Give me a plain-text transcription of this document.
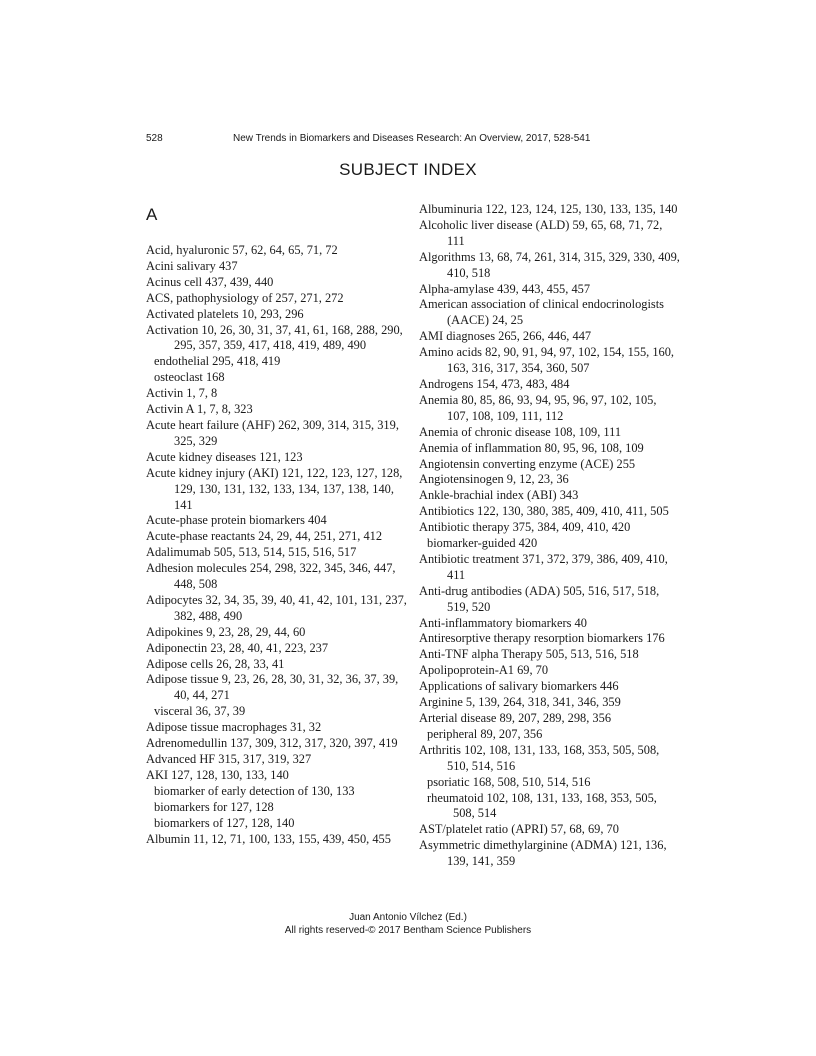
528	New Trends in Biomarkers and Diseases Research: An Overview, 2017, 528-541
SUBJECT INDEX
A

Acid, hyaluronic 57, 62, 64, 65, 71, 72

Acini salivary 437

Acinus cell 437, 439, 440

ACS, pathophysiology of 257, 271, 272

Activated platelets 10, 293, 296

Activation 10, 26, 30, 31, 37, 41, 61, 168, 288, 290, 295, 357, 359, 417, 418, 419, 489, 490

endothelial 295, 418, 419

osteoclast 168

Activin 1, 7, 8

Activin A 1, 7, 8, 323

Acute heart failure (AHF) 262, 309, 314, 315, 319, 325, 329

Acute kidney diseases 121, 123

Acute kidney injury (AKI) 121, 122, 123, 127, 128, 129, 130, 131, 132, 133, 134, 137, 138, 140, 141

Acute-phase protein biomarkers 404

Acute-phase reactants 24, 29, 44, 251, 271, 412

Adalimumab 505, 513, 514, 515, 516, 517

Adhesion molecules 254, 298, 322, 345, 346, 447, 448, 508

Adipocytes 32, 34, 35, 39, 40, 41, 42, 101, 131, 237, 382, 488, 490

Adipokines 9, 23, 28, 29, 44, 60

Adiponectin 23, 28, 40, 41, 223, 237

Adipose cells 26, 28, 33, 41

Adipose tissue 9, 23, 26, 28, 30, 31, 32, 36, 37, 39, 40, 44, 271

visceral 36, 37, 39

Adipose tissue macrophages 31, 32

Adrenomedullin 137, 309, 312, 317, 320, 397, 419

Advanced HF 315, 317, 319, 327

AKI 127, 128, 130, 133, 140

biomarker of early detection of 130, 133

biomarkers for 127, 128

biomarkers of 127, 128, 140

Albumin 11, 12, 71, 100, 133, 155, 439, 450, 455

Albuminuria 122, 123, 124, 125, 130, 133, 135, 140

Alcoholic liver disease (ALD) 59, 65, 68, 71, 72, 111

Algorithms 13, 68, 74, 261, 314, 315, 329, 330, 409, 410, 518

Alpha-amylase 439, 443, 455, 457

American association of clinical endocrinologists (AACE) 24, 25

AMI diagnoses 265, 266, 446, 447

Amino acids 82, 90, 91, 94, 97, 102, 154, 155, 160, 163, 316, 317, 354, 360, 507

Androgens 154, 473, 483, 484

Anemia 80, 85, 86, 93, 94, 95, 96, 97, 102, 105, 107, 108, 109, 111, 112

Anemia of chronic disease 108, 109, 111

Anemia of inflammation 80, 95, 96, 108, 109

Angiotensin converting enzyme (ACE) 255

Angiotensinogen 9, 12, 23, 36

Ankle-brachial index (ABI) 343

Antibiotics 122, 130, 380, 385, 409, 410, 411, 505

Antibiotic therapy 375, 384, 409, 410, 420

biomarker-guided 420

Antibiotic treatment 371, 372, 379, 386, 409, 410, 411

Anti-drug antibodies (ADA) 505, 516, 517, 518, 519, 520

Anti-inflammatory biomarkers 40

Antiresorptive therapy resorption biomarkers 176

Anti-TNF alpha Therapy 505, 513, 516, 518

Apolipoprotein-A1 69, 70

Applications of salivary biomarkers 446

Arginine 5, 139, 264, 318, 341, 346, 359

Arterial disease 89, 207, 289, 298, 356

peripheral 89, 207, 356

Arthritis 102, 108, 131, 133, 168, 353, 505, 508, 510, 514, 516

psoriatic 168, 508, 510, 514, 516

rheumatoid 102, 108, 131, 133, 168, 353, 505, 508, 514

AST/platelet ratio (APRI) 57, 68, 69, 70

Asymmetric dimethylarginine (ADMA) 121, 136, 139, 141, 359

Juan Antonio Vílchez (Ed.)
All rights reserved-© 2017 Bentham Science Publishers
